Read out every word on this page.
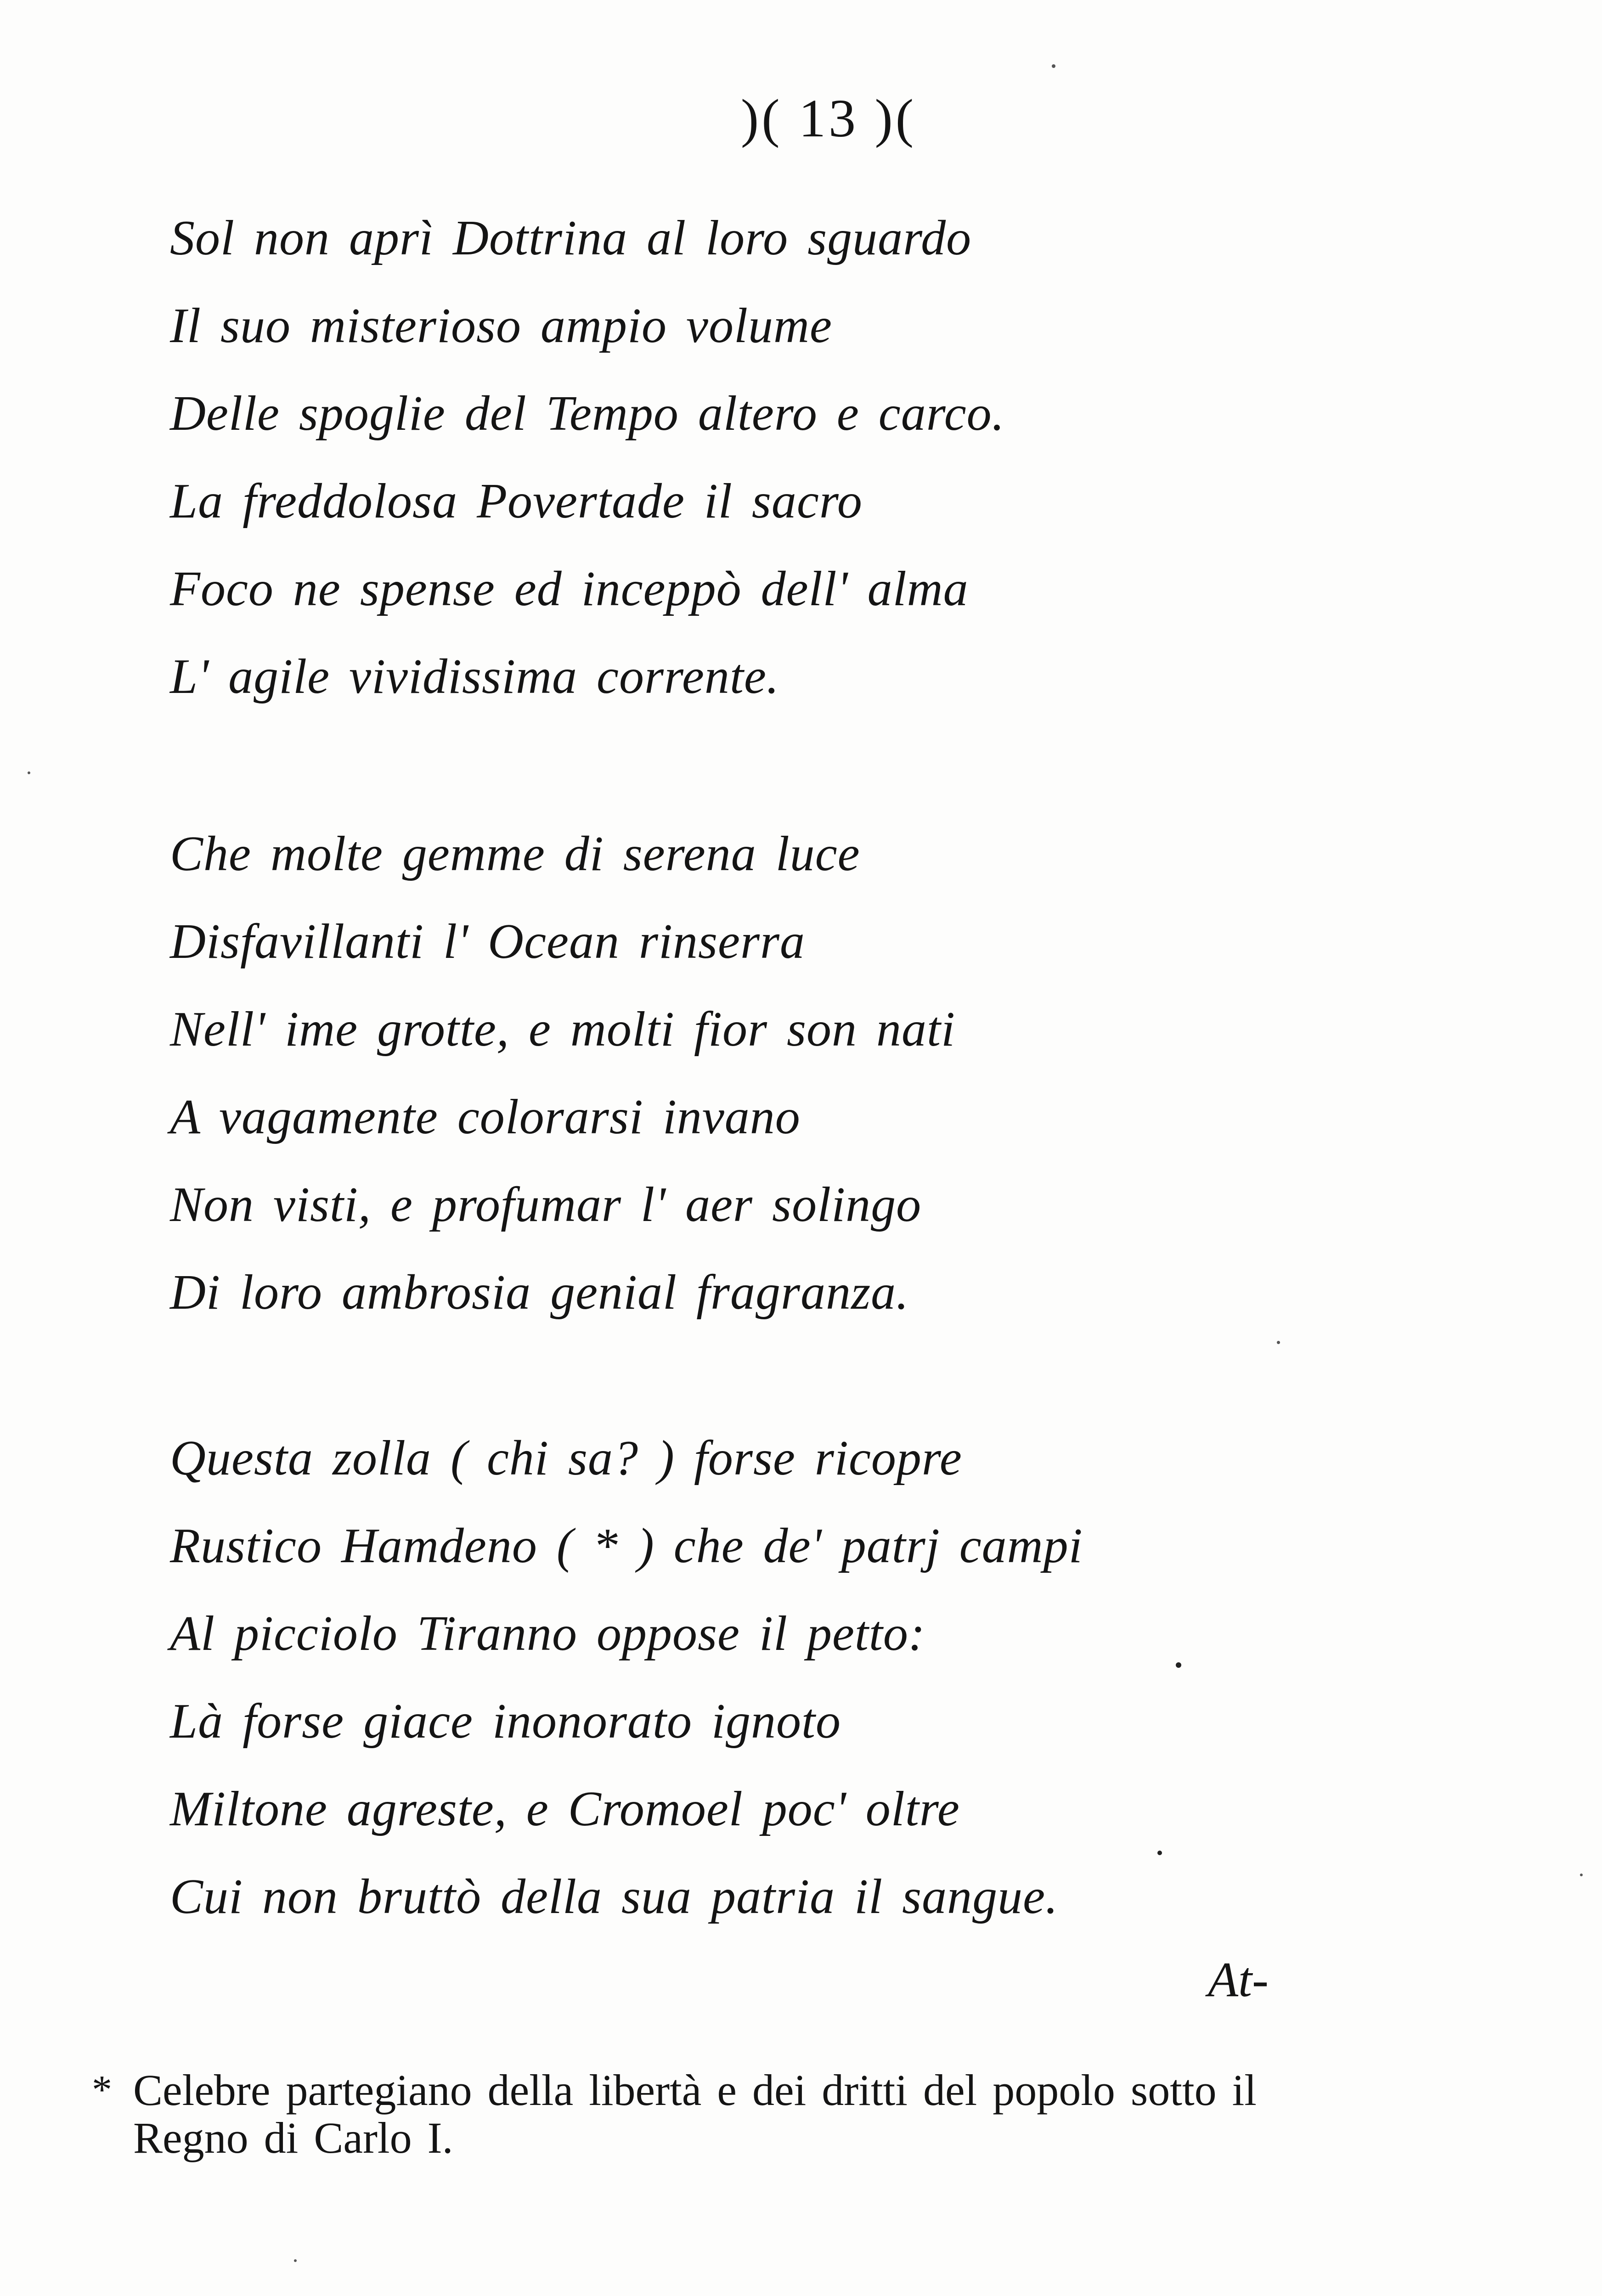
)( 13 )(
Sol non aprì Dottrina al loro sguardo
Il suo misterioso ampio volume
Delle spoglie del Tempo altero e carco.
La freddolosa Povertade il sacro
Foco ne spense ed inceppò dell' alma
L' agile vividissima corrente.
Che molte gemme di serena luce
Disfavillanti l' Ocean rinserra
Nell' ime grotte, e molti fior son nati
A vagamente colorarsi invano
Non visti, e profumar l' aer solingo
Di loro ambrosia genial fragranza.
Questa zolla ( chi sa? ) forse ricopre
Rustico Hamdeno ( * ) che de' patrj campi
Al picciolo Tiranno oppose il petto:
Là forse giace inonorato ignoto
Miltone agreste, e Cromoel poc' oltre
Cui non bruttò della sua patria il sangue.
At-
* Celebre partegiano della libertà e dei dritti del popolo sotto il
Regno di Carlo I.
